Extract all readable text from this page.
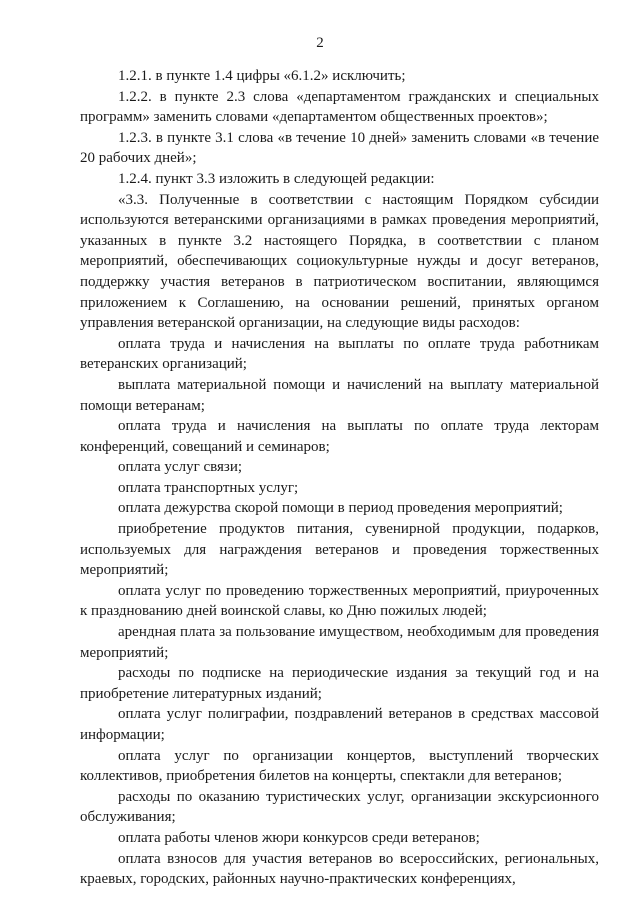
2

1.2.1. в пункте 1.4 цифры «6.1.2» исключить;

1.2.2. в пункте 2.3 слова «департаментом гражданских и специальных программ» заменить словами «департаментом общественных проектов»;

1.2.3. в пункте 3.1 слова «в течение 10 дней» заменить словами «в течение 20 рабочих дней»;

1.2.4. пункт 3.3 изложить в следующей редакции:

«3.3. Полученные в соответствии с настоящим Порядком субсидии используются ветеранскими организациями в рамках проведения мероприятий, указанных в пункте 3.2 настоящего Порядка, в соответствии с планом мероприятий, обеспечивающих социокультурные нужды и досуг ветеранов, поддержку участия ветеранов в патриотическом воспитании, являющимся приложением к Соглашению, на основании решений, принятых органом управления ветеранской организации, на следующие виды расходов:

оплата труда и начисления на выплаты по оплате труда работникам ветеранских организаций;

выплата материальной помощи и начислений на выплату материальной помощи ветеранам;

оплата труда и начисления на выплаты по оплате труда лекторам конференций, совещаний и семинаров;

оплата услуг связи;

оплата транспортных услуг;

оплата дежурства скорой помощи в период проведения мероприятий;

приобретение продуктов питания, сувенирной продукции, подарков, используемых для награждения ветеранов и проведения торжественных мероприятий;

оплата услуг по проведению торжественных мероприятий, приуроченных к празднованию дней воинской славы, ко Дню пожилых людей;

арендная плата за пользование имуществом, необходимым для проведения мероприятий;

расходы по подписке на периодические издания за текущий год и на приобретение литературных изданий;

оплата услуг полиграфии, поздравлений ветеранов в средствах массовой информации;

оплата услуг по организации концертов, выступлений творческих коллективов, приобретения билетов на концерты, спектакли для ветеранов;

расходы по оказанию туристических услуг, организации экскурсионного обслуживания;

оплата работы членов жюри конкурсов среди ветеранов;

оплата взносов для участия ветеранов во всероссийских, региональных, краевых, городских, районных научно-практических конференциях,
